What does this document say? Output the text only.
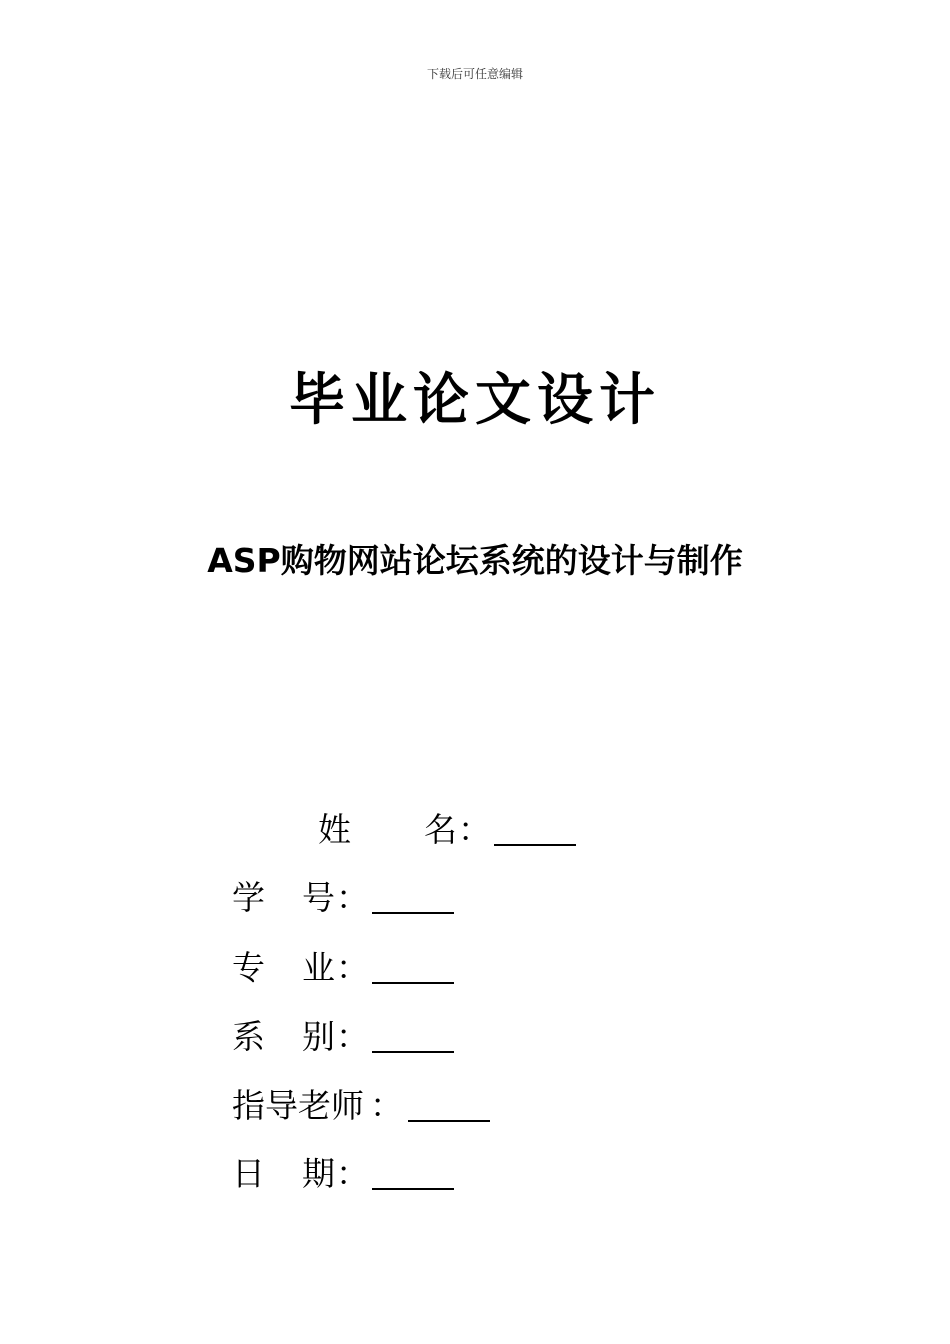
下载后可任意编辑
毕业论文设计
ASP购物网站论坛系统的设计与制作
姓 名 ：
学 号 ：
专 业 ：
系 别 ：
指导老师 ：
日 期 ：
